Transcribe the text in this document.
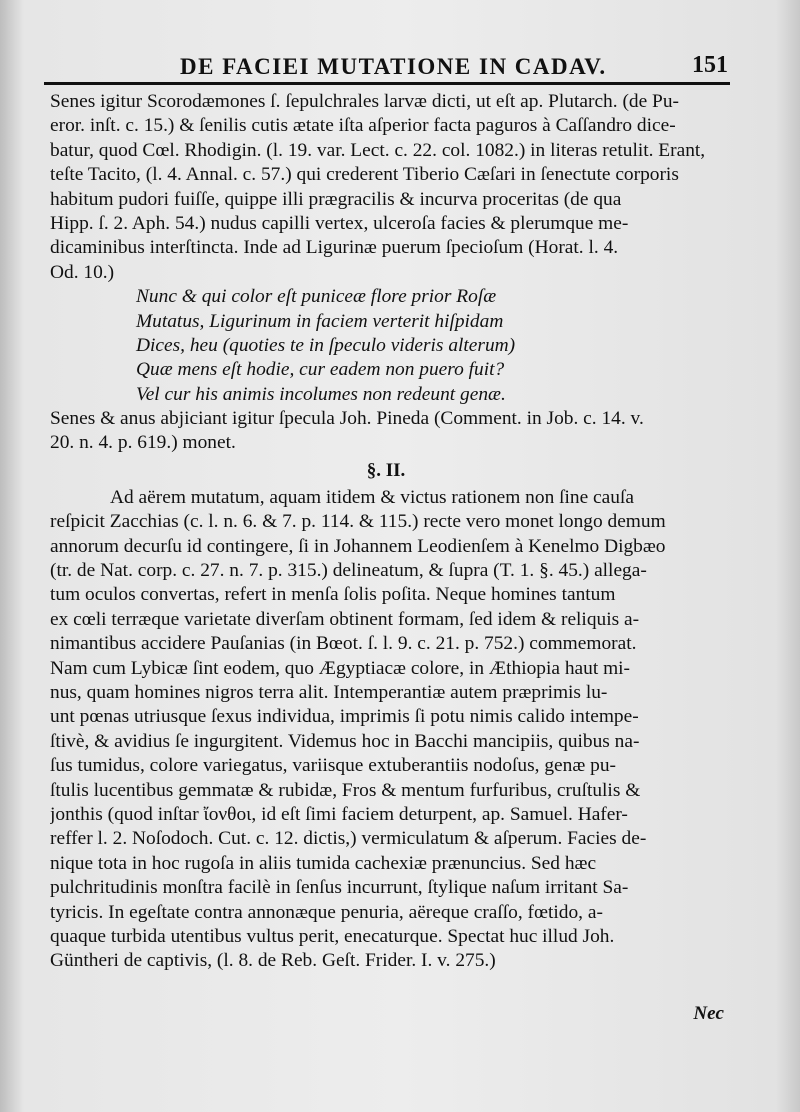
DE FACIEI MUTATIONE IN CADAV.	151
Senes igitur Scorodæmones ſ. ſepulchrales larvæ dicti, ut eſt ap. Plutarch. (de Pu-
eror. inſt. c. 15.) & ſenilis cutis ætate iſta aſperior facta paguros à Caſſandro dice-
batur, quod Cœl. Rhodigin. (l. 19. var. Lect. c. 22. col. 1082.) in literas retulit. Erant,
teſte Tacito, (l. 4. Annal. c. 57.) qui crederent Tiberio Cæſari in ſenectute corporis
habitum pudori fuiſſe, quippe illi prægracilis & incurva proceritas (de qua
Hipp. ſ. 2. Aph. 54.) nudus capilli vertex, ulceroſa facies & plerumque me-
dicaminibus interſtincta. Inde ad Ligurinæ puerum ſpecioſum (Horat. l. 4.
Od. 10.)
Nunc & qui color eſt puniceæ flore prior Roſæ
Mutatus, Ligurinum in faciem verterit hiſpidam
Dices, heu (quoties te in ſpeculo videris alterum)
Quæ mens eſt hodie, cur eadem non puero fuit?
Vel cur his animis incolumes non redeunt genæ.
Senes & anus abjiciant igitur ſpecula Joh. Pineda (Comment. in Job. c. 14. v.
20. n. 4. p. 619.) monet.
§. II.
Ad aërem mutatum, aquam itidem & victus rationem non ſine cauſa
reſpicit Zacchias (c. l. n. 6. & 7. p. 114. & 115.) recte vero monet longo demum
annorum decurſu id contingere, ſi in Johannem Leodienſem à Kenelmo Digbæo
(tr. de Nat. corp. c. 27. n. 7. p. 315.) delineatum, & ſupra (T. 1. §. 45.) allega-
tum oculos convertas, refert in menſa ſolis poſita. Neque homines tantum
ex cœli terræque varietate diverſam obtinent formam, ſed idem & reliquis a-
nimantibus accidere Pauſanias (in Bœot. ſ. l. 9. c. 21. p. 752.) commemorat.
Nam cum Lybicæ ſint eodem, quo Ægyptiacæ colore, in Æthiopia haut mi-
nus, quam homines nigros terra alit. Intemperantiæ autem præprimis lu-
unt pœnas utriusque ſexus individua, imprimis ſi potu nimis calido intempe-
ſtivè, & avidius ſe ingurgitent. Videmus hoc in Bacchi mancipiis, quibus na-
ſus tumidus, colore variegatus, variisque extuberantiis nodoſus, genæ pu-
ſtulis lucentibus gemmatæ & rubidæ, Fros & mentum furfuribus, cruſtulis &
jonthis (quod inſtar ἴονθοι, id eſt ſimi faciem deturpent, ap. Samuel. Hafer-
reffer l. 2. Noſodoch. Cut. c. 12. dictis,) vermiculatum & aſperum. Facies de-
nique tota in hoc rugoſa in aliis tumida cachexiæ prænuncius. Sed hæc
pulchritudinis monſtra facilè in ſenſus incurrunt, ſtylique naſum irritant Sa-
tyricis. In egeſtate contra annonæque penuria, aëreque craſſo, fœtido, a-
quaque turbida utentibus vultus perit, enecaturque. Spectat huc illud Joh.
Güntheri de captivis, (l. 8. de Reb. Geſt. Frider. I. v. 275.)
Nec
